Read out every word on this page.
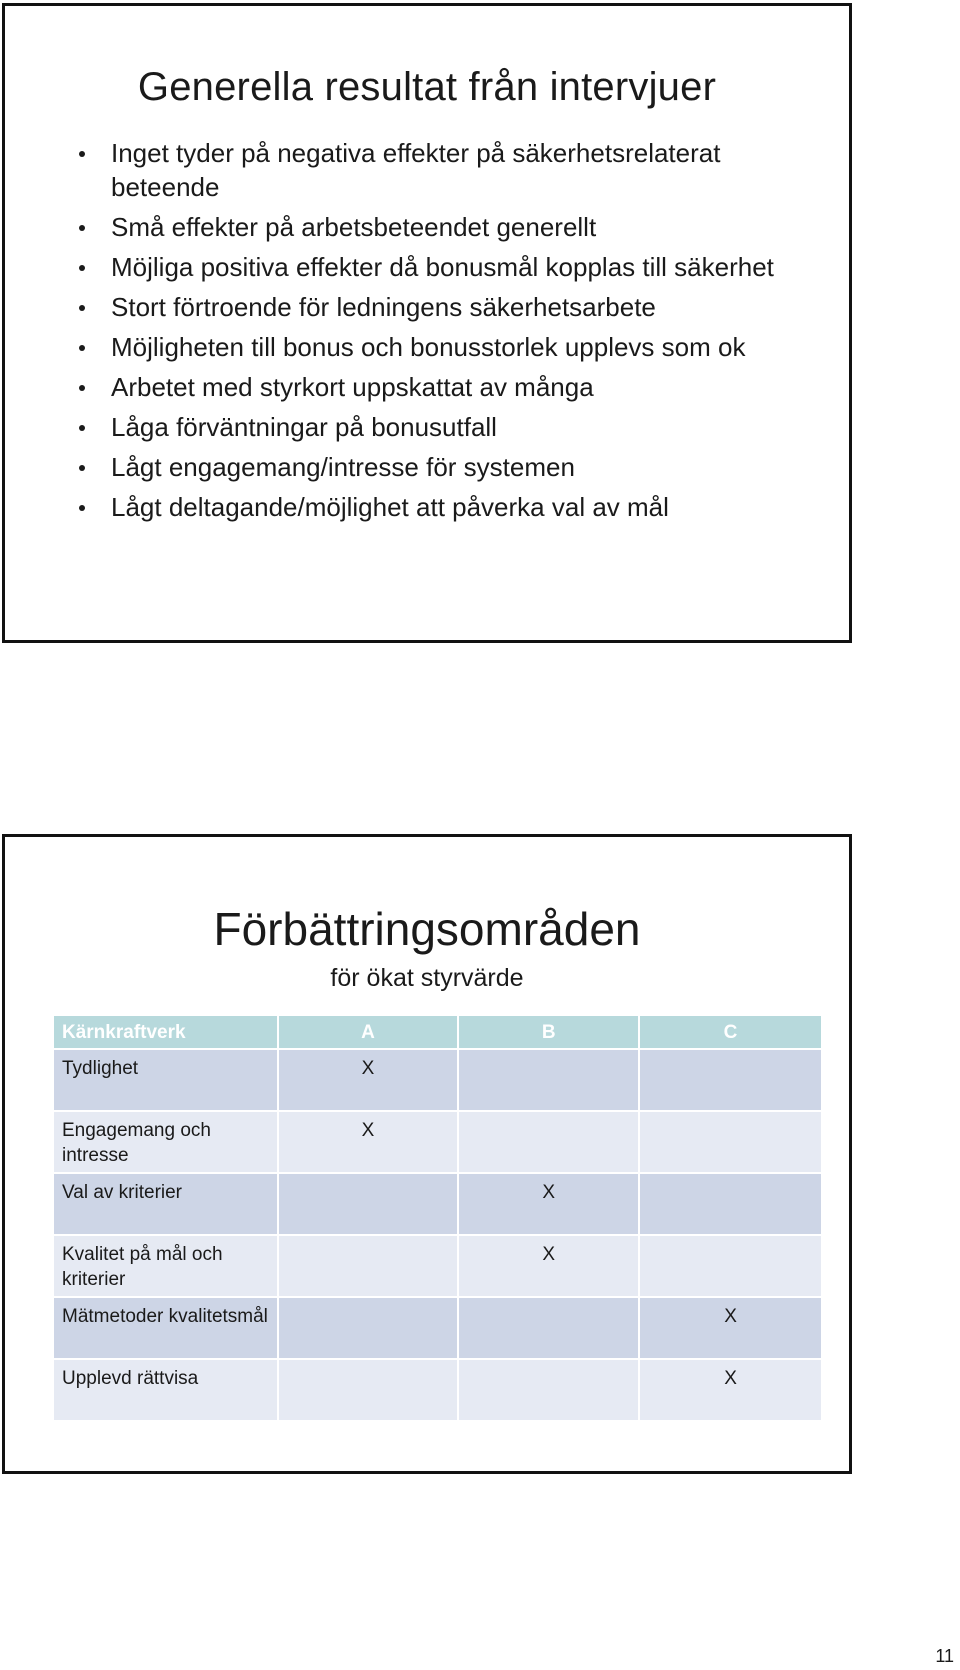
Generella resultat från intervjuer
Inget tyder på negativa effekter på säkerhetsrelaterat beteende
Små effekter på arbetsbeteendet generellt
Möjliga positiva effekter då bonusmål kopplas till säkerhet
Stort förtroende för ledningens säkerhetsarbete
Möjligheten till bonus och bonusstorlek upplevs som ok
Arbetet med styrkort uppskattat av många
Låga förväntningar på bonusutfall
Lågt engagemang/intresse för systemen
Lågt deltagande/möjlighet att påverka val av mål
Förbättringsområden
för ökat styrvärde
Kärnkraftverk	A	B	C
Tydlighet	X		
Engagemang och intresse	X		
Val av kriterier		X	
Kvalitet på mål och kriterier		X	
Mätmetoder kvalitetsmål			X
Upplevd rättvisa			X
11
